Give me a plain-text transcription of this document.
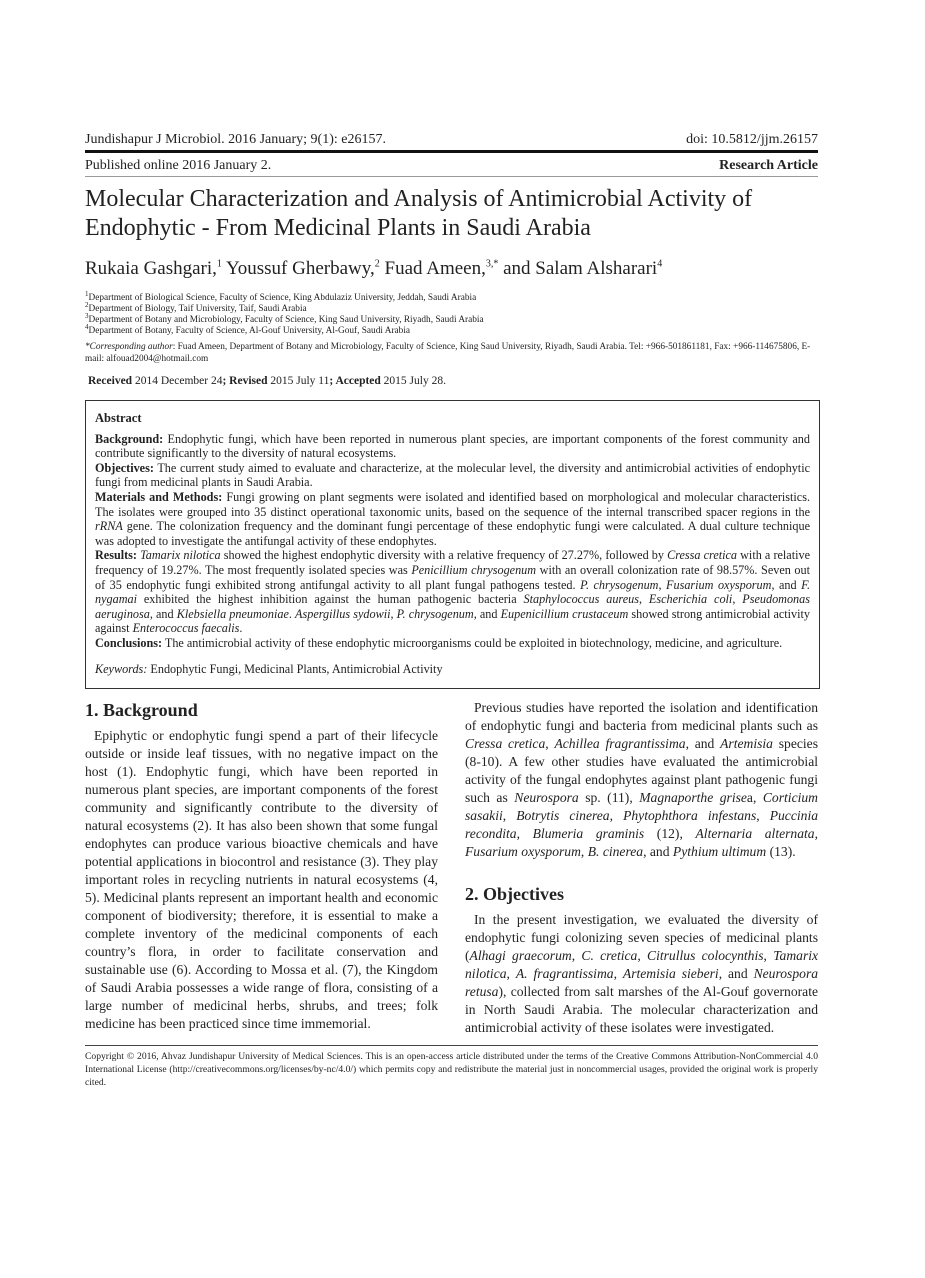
Jundishapur J Microbiol. 2016 January; 9(1): e26157.	doi: 10.5812/jjm.26157
Published online 2016 January 2.	Research Article
Molecular Characterization and Analysis of Antimicrobial Activity of Endophytic - From Medicinal Plants in Saudi Arabia
Rukaia Gashgari,$^1$ Youssuf Gherbawy,$^2$ Fuad Ameen,$^{3,*}$ and Salam Alsharari$^4$
$^1$Department of Biological Science, Faculty of Science, King Abdulaziz University, Jeddah, Saudi Arabia
$^2$Department of Biology, Taif University, Taif, Saudi Arabia
$^3$Department of Botany and Microbiology, Faculty of Science, King Saud University, Riyadh, Saudi Arabia
$^4$Department of Botany, Faculty of Science, Al-Gouf University, Al-Gouf, Saudi Arabia
*Corresponding author: Fuad Ameen, Department of Botany and Microbiology, Faculty of Science, King Saud University, Riyadh, Saudi Arabia. Tel: +966-501861181, Fax: +966-114675806, E-mail: alfouad2004@hotmail.com
Received 2014 December 24; Revised 2015 July 11; Accepted 2015 July 28.

Abstract

Background: Endophytic fungi, which have been reported in numerous plant species, are important components of the forest community and contribute significantly to the diversity of natural ecosystems.

Objectives: The current study aimed to evaluate and characterize, at the molecular level, the diversity and antimicrobial activities of endophytic fungi from medicinal plants in Saudi Arabia.

Materials and Methods: Fungi growing on plant segments were isolated and identified based on morphological and molecular characteristics. The isolates were grouped into 35 distinct operational taxonomic units, based on the sequence of the internal transcribed spacer regions in the rRNA gene. The colonization frequency and the dominant fungi percentage of these endophytic fungi were calculated. A dual culture technique was adopted to investigate the antifungal activity of these endophytes.

Results: Tamarix nilotica showed the highest endophytic diversity with a relative frequency of 27.27%, followed by Cressa cretica with a relative frequency of 19.27%. The most frequently isolated species was Penicillium chrysogenum with an overall colonization rate of 98.57%. Seven out of 35 endophytic fungi exhibited strong antifungal activity to all plant fungal pathogens tested. P. chrysogenum, Fusarium oxysporum, and F. nygamai exhibited the highest inhibition against the human pathogenic bacteria Staphylococcus aureus, Escherichia coli, Pseudomonas aeruginosa, and Klebsiella pneumoniae. Aspergillus sydowii, P. chrysogenum, and Eupenicillium crustaceum showed strong antimicrobial activity against Enterococcus faecalis.

Conclusions: The antimicrobial activity of these endophytic microorganisms could be exploited in biotechnology, medicine, and agriculture.

Keywords: Endophytic Fungi, Medicinal Plants, Antimicrobial Activity

1. Background

Epiphytic or endophytic fungi spend a part of their lifecycle outside or inside leaf tissues, with no negative impact on the host (1). Endophytic fungi, which have been reported in numerous plant species, are important components of the forest community and significantly contribute to the diversity of natural ecosystems (2). It has also been shown that some fungal endophytes can produce various bioactive chemicals and have potential applications in biocontrol and resistance (3). They play important roles in recycling nutrients in natural ecosystems (4, 5). Medicinal plants represent an important health and economic component of biodiversity; therefore, it is essential to make a complete inventory of the medicinal components of each country’s flora, in order to facilitate conservation and sustainable use (6). According to Mossa et al. (7), the Kingdom of Saudi Arabia possesses a wide range of flora, consisting of a large number of medicinal herbs, shrubs, and trees; folk medicine has been practiced since time immemorial.

Previous studies have reported the isolation and identification of endophytic fungi and bacteria from medicinal plants such as Cressa cretica, Achillea fragrantissima, and Artemisia species (8-10). A few other studies have evaluated the antimicrobial activity of the fungal endophytes against plant pathogenic fungi such as Neurospora sp. (11), Magnaporthe grisea, Corticium sasakii, Botrytis cinerea, Phytophthora infestans, Puccinia recondita, Blumeria graminis (12), Alternaria alternata, Fusarium oxysporum, B. cinerea, and Pythium ultimum (13).

2. Objectives

In the present investigation, we evaluated the diversity of endophytic fungi colonizing seven species of medicinal plants (Alhagi graecorum, C. cretica, Citrullus colocynthis, Tamarix nilotica, A. fragrantissima, Artemisia sieberi, and Neurospora retusa), collected from salt marshes of the Al-Gouf governorate in North Saudi Arabia. The molecular characterization and antimicrobial activity of these isolates were investigated.

Copyright © 2016, Ahvaz Jundishapur University of Medical Sciences. This is an open-access article distributed under the terms of the Creative Commons Attribution-NonCommercial 4.0 International License (http://creativecommons.org/licenses/by-nc/4.0/) which permits copy and redistribute the material just in noncommercial usages, provided the original work is properly cited.
